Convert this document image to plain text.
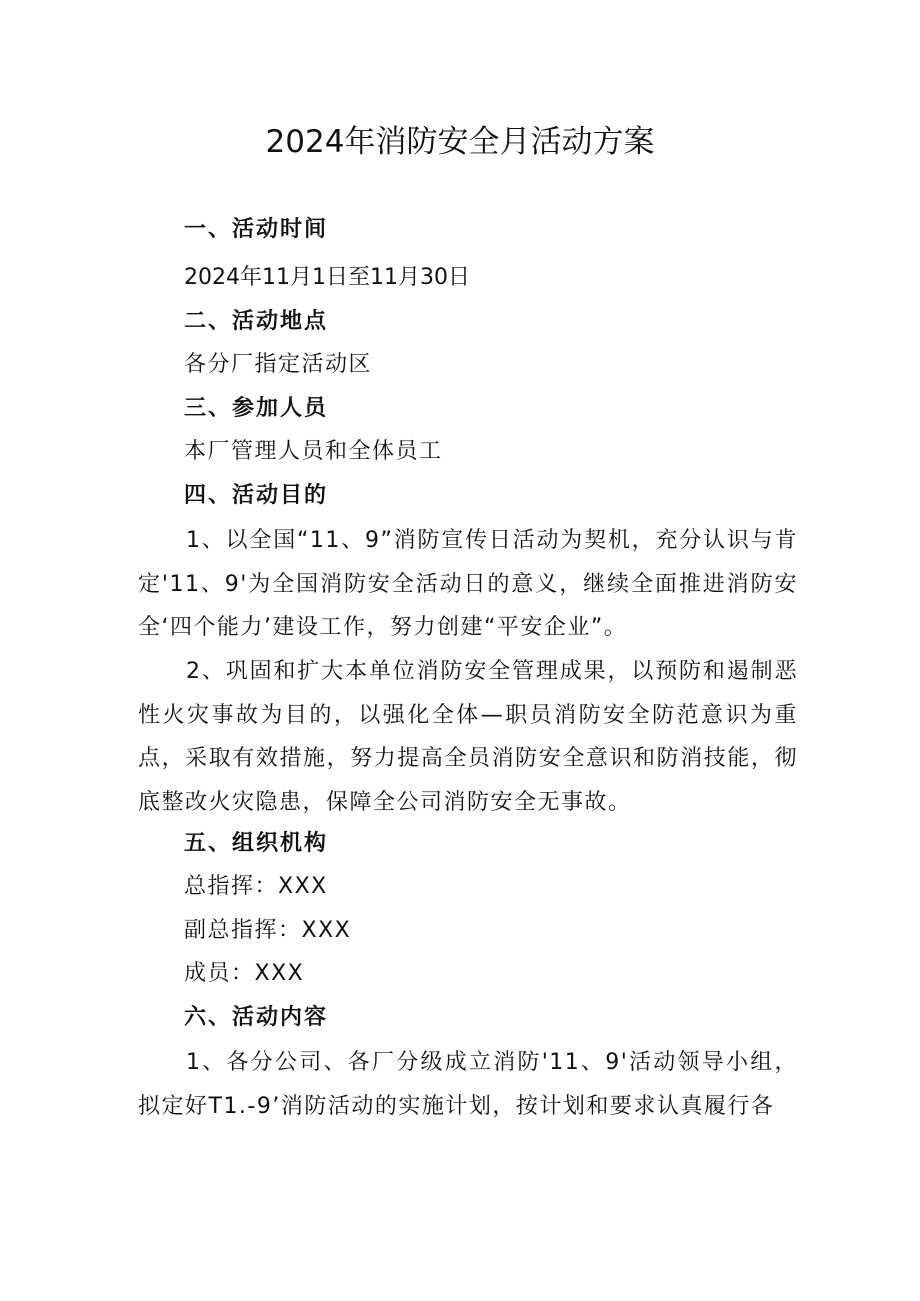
2024年消防安全月活动方案
一、活动时间
2024年11月1日至11月30日
二、活动地点
各分厂指定活动区
三、参加人员
本厂管理人员和全体员工
四、活动目的
1、以全国“11、9”消防宣传日活动为契机，充分认识与肯定'11、9'为全国消防安全活动日的意义，继续全面推进消防安全‘四个能力’建设工作，努力创建“平安企业”。
2、巩固和扩大本单位消防安全管理成果，以预防和遏制恶性火灾事故为目的，以强化全体—职员消防安全防范意识为重点，采取有效措施，努力提高全员消防安全意识和防消技能，彻底整改火灾隐患，保障全公司消防安全无事故。
五、组织机构
总指挥：XXX
副总指挥：XXX
成员：XXX
六、活动内容
1、各分公司、各厂分级成立消防'11、9'活动领导小组，拟定好T1.-9’消防活动的实施计划，按计划和要求认真履行各
